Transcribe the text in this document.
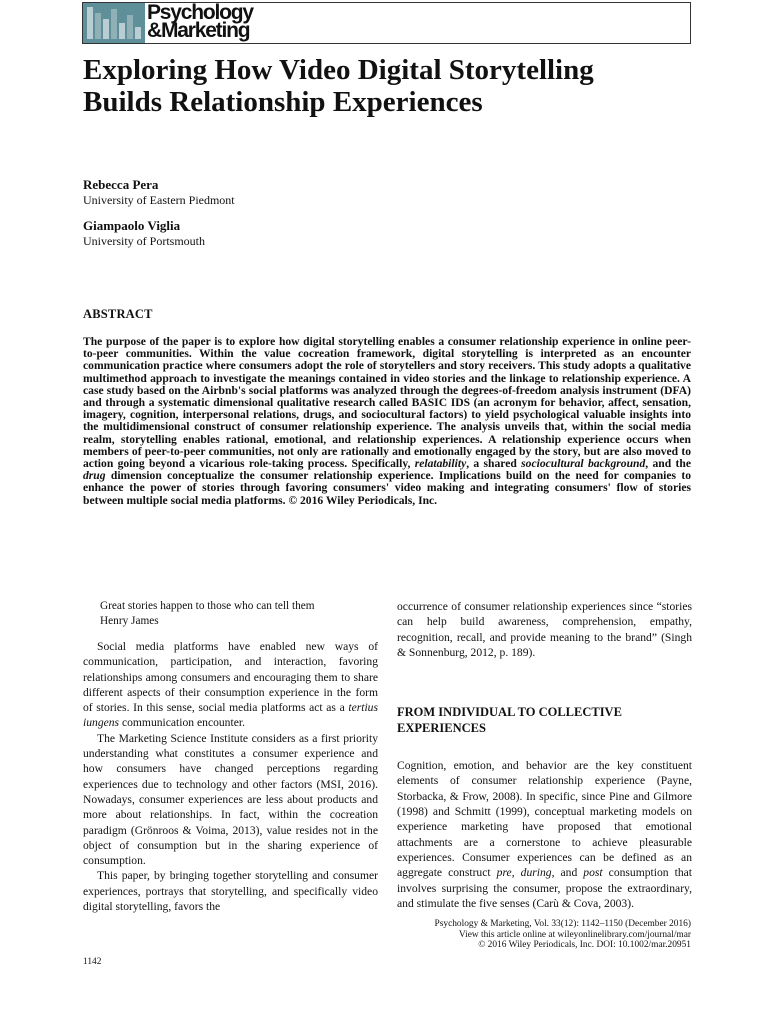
Psychology
&Marketing
Exploring How Video Digital Storytelling Builds Relationship Experiences
Rebecca Pera
University of Eastern Piedmont
Giampaolo Viglia
University of Portsmouth
ABSTRACT

The purpose of the paper is to explore how digital storytelling enables a consumer relationship experience in online peer-to-peer communities. Within the value cocreation framework, digital storytelling is interpreted as an encounter communication practice where consumers adopt the role of storytellers and story receivers. This study adopts a qualitative multimethod approach to investigate the meanings contained in video stories and the linkage to relationship experience. A case study based on the Airbnb's social platforms was analyzed through the degrees-of-freedom analysis instrument (DFA) and through a systematic dimensional qualitative research called BASIC IDS (an acronym for behavior, affect, sensation, imagery, cognition, interpersonal relations, drugs, and sociocultural factors) to yield psychological valuable insights into the multidimensional construct of consumer relationship experience. The analysis unveils that, within the social media realm, storytelling enables rational, emotional, and relationship experiences. A relationship experience occurs when members of peer-to-peer communities, not only are rationally and emotionally engaged by the story, but are also moved to action going beyond a vicarious role-taking process. Specifically, relatability, a shared sociocultural background, and the drug dimension conceptualize the consumer relationship experience. Implications build on the need for companies to enhance the power of stories through favoring consumers' video making and integrating consumers' flow of stories between multiple social media platforms. © 2016 Wiley Periodicals, Inc.

Great stories happen to those who can tell them
Henry James

Social media platforms have enabled new ways of communication, participation, and interaction, favoring relationships among consumers and encouraging them to share different aspects of their consumption experience in the form of stories. In this sense, social media platforms act as a tertius iungens communication encounter.

The Marketing Science Institute considers as a first priority understanding what constitutes a consumer experience and how consumers have changed perceptions regarding experiences due to technology and other factors (MSI, 2016). Nowadays, consumer experiences are less about products and more about relationships. In fact, within the cocreation paradigm (Grönroos & Voima, 2013), value resides not in the object of consumption but in the sharing experience of consumption.

This paper, by bringing together storytelling and consumer experiences, portrays that storytelling, and specifically video digital storytelling, favors the

occurrence of consumer relationship experiences since “stories can help build awareness, comprehension, empathy, recognition, recall, and provide meaning to the brand” (Singh & Sonnenburg, 2012, p. 189).

FROM INDIVIDUAL TO COLLECTIVE EXPERIENCES

Cognition, emotion, and behavior are the key constituent elements of consumer relationship experience (Payne, Storbacka, & Frow, 2008). In specific, since Pine and Gilmore (1998) and Schmitt (1999), conceptual marketing models on experience marketing have proposed that emotional attachments are a cornerstone to achieve pleasurable experiences. Consumer experiences can be defined as an aggregate construct pre, during, and post consumption that involves surprising the consumer, propose the extraordinary, and stimulate the five senses (Carù & Cova, 2003).

Psychology & Marketing, Vol. 33(12): 1142–1150 (December 2016)
View this article online at wileyonlinelibrary.com/journal/mar
© 2016 Wiley Periodicals, Inc. DOI: 10.1002/mar.20951
1142
